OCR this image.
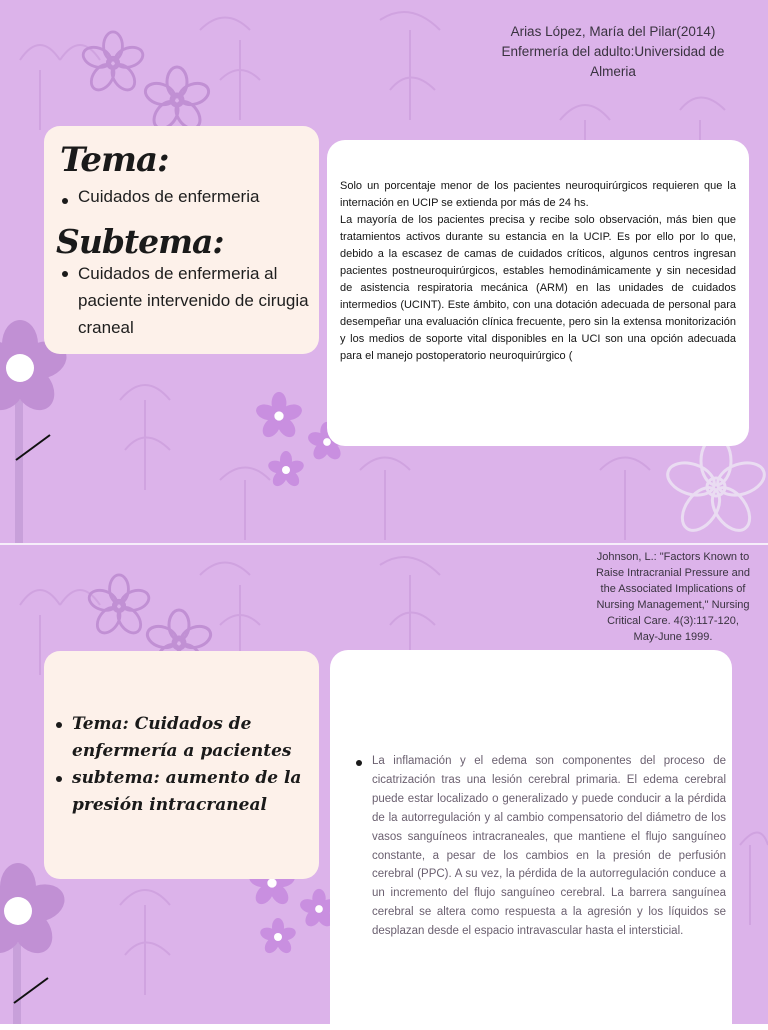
Arias López, María del Pilar(2014)
Enfermería del adulto:Universidad de
Almeria
Tema:
Cuidados de enfermeria
Subtema:
Cuidados de enfermeria al paciente intervenido de cirugia craneal

Solo un porcentaje menor de los pacientes neuroquirúrgicos requieren que la internación en UCIP se extienda por más de 24 hs.

La mayoría de los pacientes precisa y recibe solo observación, más bien que tratamientos activos durante su estancia en la UCIP. Es por ello por lo que, debido a la escasez de camas de cuidados críticos, algunos centros ingresan pacientes postneuroquirúrgicos, estables hemodinámicamente y sin necesidad de asistencia respiratoria mecánica (ARM) en las unidades de cuidados intermedios (UCINT). Este ámbito, con una dotación adecuada de personal para desempeñar una evaluación clínica frecuente, pero sin la extensa monitorización y los medios de soporte vital disponibles en la UCI son una opción adecuada para el manejo postoperatorio neuroquirúrgico (

Johnson, L.: "Factors Known to
Raise Intracranial Pressure and
the Associated Implications of
Nursing Management," Nursing
Critical Care. 4(3):117-120,
May-June 1999.
Tema: Cuidados de enfermería a pacientes
subtema: aumento de la presión intracraneal
La inflamación y el edema son componentes del proceso de cicatrización tras una lesión cerebral primaria. El edema cerebral puede estar localizado o generalizado y puede conducir a la pérdida de la autorregulación y al cambio compensatorio del diámetro de los vasos sanguíneos intracraneales, que mantiene el flujo sanguíneo constante, a pesar de los cambios en la presión de perfusión cerebral (PPC). A su vez, la pérdida de la autorregulación conduce a un incremento del flujo sanguíneo cerebral. La barrera sanguínea cerebral se altera como respuesta a la agresión y los líquidos se desplazan desde el espacio intravascular hasta el intersticial.
